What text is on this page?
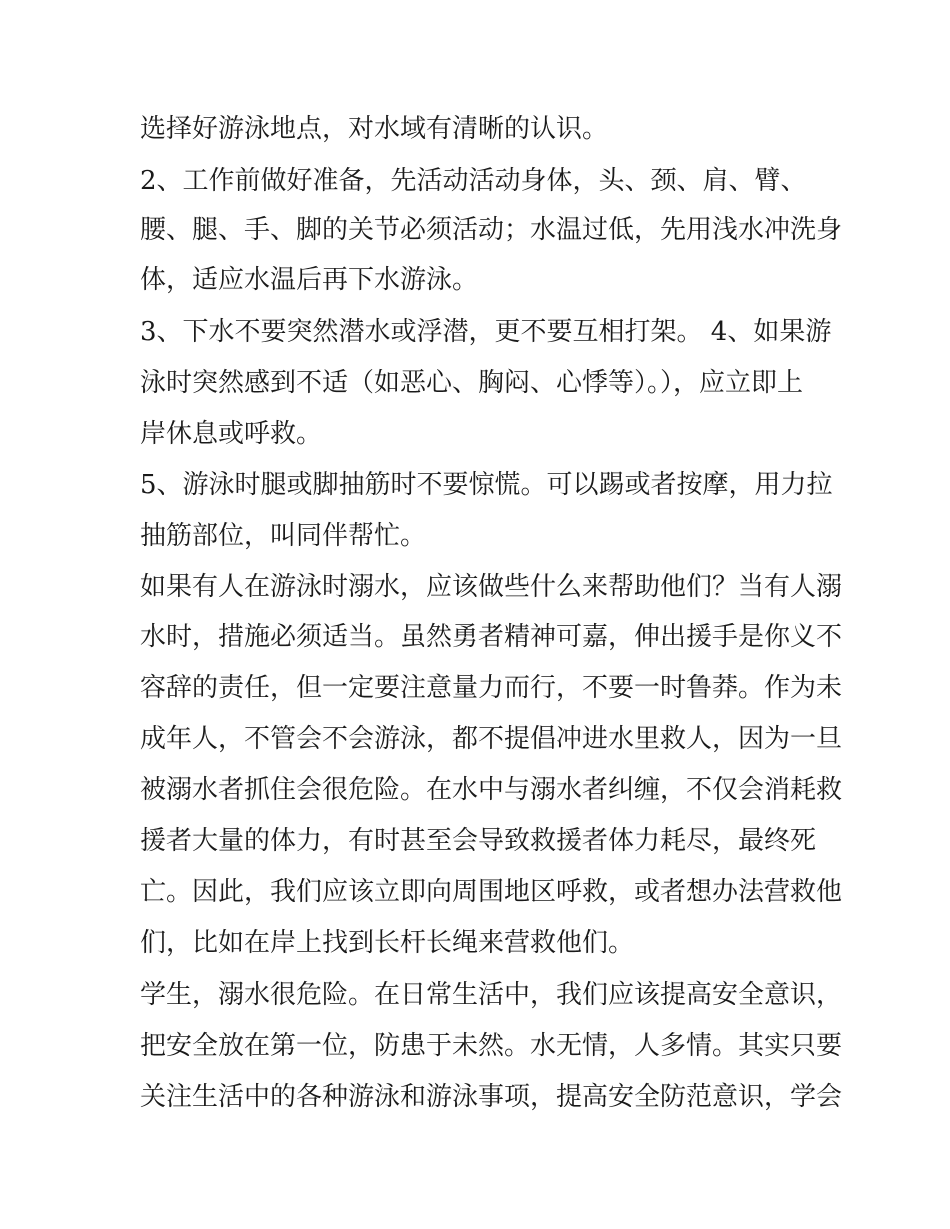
选择好游泳地点，对水域有清晰的认识。
2、工作前做好准备，先活动活动身体，头、颈、肩、臂、
腰、腿、手、脚的关节必须活动；水温过低，先用浅水冲洗身
体，适应水温后再下水游泳。
3、下水不要突然潜水或浮潜，更不要互相打架。 4、如果游
泳时突然感到不适（如恶心、胸闷、心悸等）。），应立即上
岸休息或呼救。
5、游泳时腿或脚抽筋时不要惊慌。可以踢或者按摩，用力拉
抽筋部位，叫同伴帮忙。
如果有人在游泳时溺水，应该做些什么来帮助他们？当有人溺
水时，措施必须适当。虽然勇者精神可嘉，伸出援手是你义不
容辞的责任，但一定要注意量力而行，不要一时鲁莽。作为未
成年人，不管会不会游泳，都不提倡冲进水里救人，因为一旦
被溺水者抓住会很危险。在水中与溺水者纠缠，不仅会消耗救
援者大量的体力，有时甚至会导致救援者体力耗尽，最终死
亡。因此，我们应该立即向周围地区呼救，或者想办法营救他
们，比如在岸上找到长杆长绳来营救他们。
学生，溺水很危险。在日常生活中，我们应该提高安全意识，
把安全放在第一位，防患于未然。水无情，人多情。其实只要
关注生活中的各种游泳和游泳事项，提高安全防范意识，学会
